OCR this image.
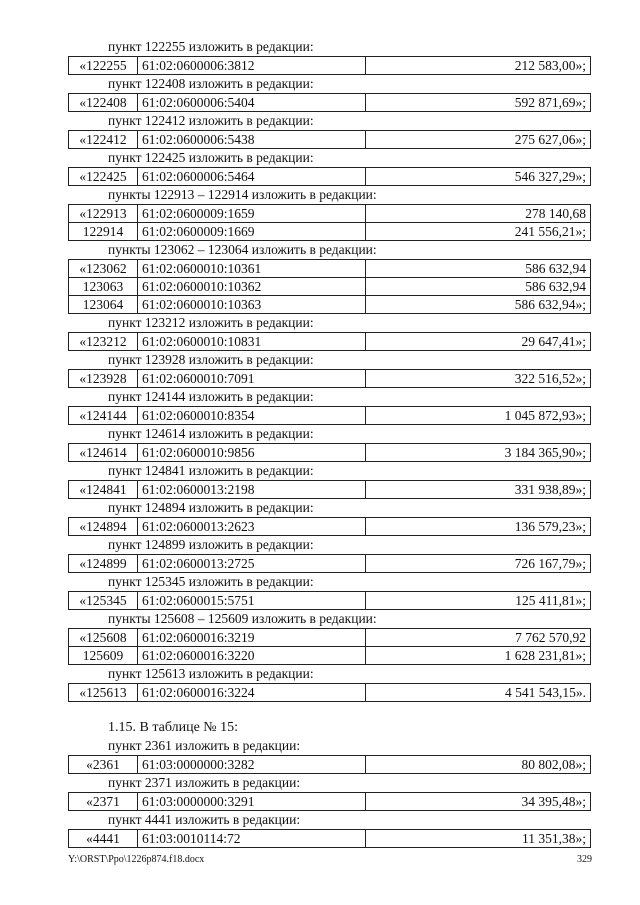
пункт 122255 изложить в редакции:
«122255	61:02:0600006:3812	212 583,00»;
пункт 122408 изложить в редакции:
«122408	61:02:0600006:5404	592 871,69»;
пункт 122412 изложить в редакции:
«122412	61:02:0600006:5438	275 627,06»;
пункт 122425 изложить в редакции:
«122425	61:02:0600006:5464	546 327,29»;
пункты 122913 – 122914 изложить в редакции:
«122913	61:02:0600009:1659	278 140,68
122914	61:02:0600009:1669	241 556,21»;
пункты 123062 – 123064 изложить в редакции:
«123062	61:02:0600010:10361	586 632,94
123063	61:02:0600010:10362	586 632,94
123064	61:02:0600010:10363	586 632,94»;
пункт 123212 изложить в редакции:
«123212	61:02:0600010:10831	29 647,41»;
пункт 123928 изложить в редакции:
«123928	61:02:0600010:7091	322 516,52»;
пункт 124144 изложить в редакции:
«124144	61:02:0600010:8354	1 045 872,93»;
пункт 124614 изложить в редакции:
«124614	61:02:0600010:9856	3 184 365,90»;
пункт 124841 изложить в редакции:
«124841	61:02:0600013:2198	331 938,89»;
пункт 124894 изложить в редакции:
«124894	61:02:0600013:2623	136 579,23»;
пункт 124899 изложить в редакции:
«124899	61:02:0600013:2725	726 167,79»;
пункт 125345 изложить в редакции:
«125345	61:02:0600015:5751	125 411,81»;
пункты 125608 – 125609 изложить в редакции:
«125608	61:02:0600016:3219	7 762 570,92
125609	61:02:0600016:3220	1 628 231,81»;
пункт 125613 изложить в редакции:
«125613	61:02:0600016:3224	4 541 543,15».
1.15. В таблице № 15:
пункт 2361 изложить в редакции:
«2361	61:03:0000000:3282	80 802,08»;
пункт 2371 изложить в редакции:
«2371	61:03:0000000:3291	34 395,48»;
пункт 4441 изложить в редакции:
«4441	61:03:0010114:72	11 351,38»;
Y:\ORST\Ppo\1226p874.f18.docx	329
